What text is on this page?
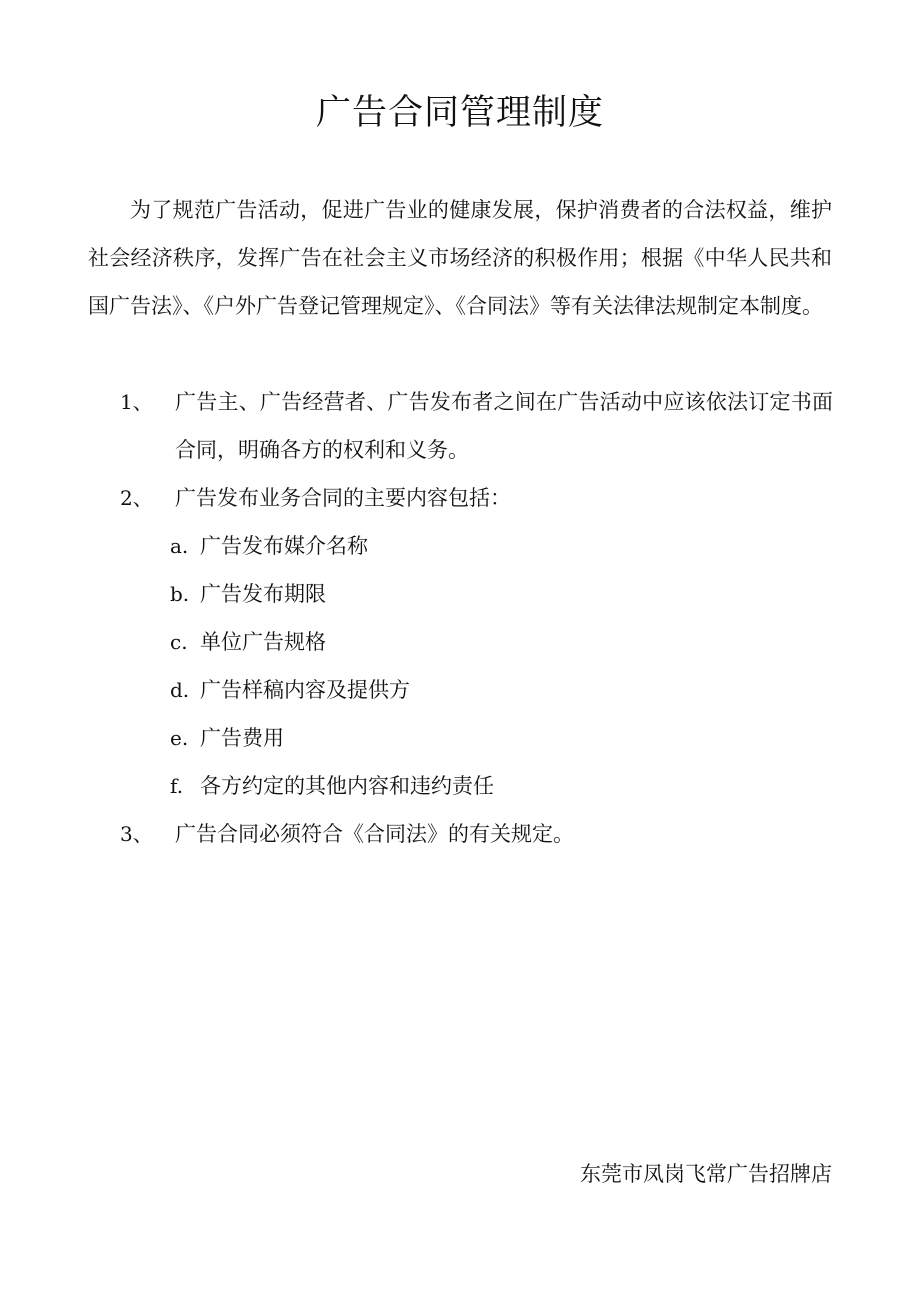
广告合同管理制度

为了规范广告活动，促进广告业的健康发展，保护消费者的合法权益，维护社会经济秩序，发挥广告在社会主义市场经济的积极作用；根据《中华人民共和国广告法》、《户外广告登记管理规定》、《合同法》等有关法律法规制定本制度。

1、 广告主、广告经营者、广告发布者之间在广告活动中应该依法订定书面合同，明确各方的权利和义务。
2、 广告发布业务合同的主要内容包括：
a. 广告发布媒介名称
b. 广告发布期限
c. 单位广告规格
d. 广告样稿内容及提供方
e. 广告费用
f. 各方约定的其他内容和违约责任
3、 广告合同必须符合《合同法》的有关规定。

东莞市凤岗飞常广告招牌店
